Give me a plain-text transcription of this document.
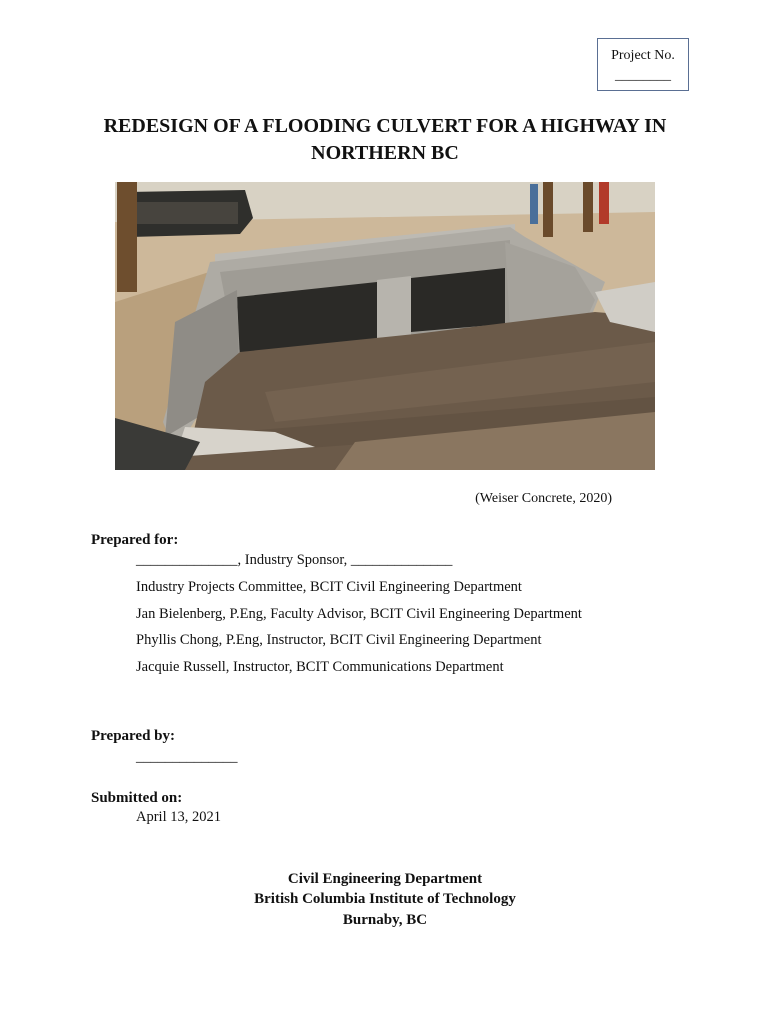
Project No.
________
REDESIGN OF A FLOODING CULVERT FOR A HIGHWAY IN
NORTHERN BC
(Weiser Concrete, 2020)
Prepared for:
______________, Industry Sponsor, ______________
Industry Projects Committee, BCIT Civil Engineering Department
Jan Bielenberg, P.Eng, Faculty Advisor, BCIT Civil Engineering Department
Phyllis Chong, P.Eng, Instructor, BCIT Civil Engineering Department
Jacquie Russell, Instructor, BCIT Communications Department
Prepared by:
______________
Submitted on:
April 13, 2021
Civil Engineering Department
British Columbia Institute of Technology
Burnaby, BC
